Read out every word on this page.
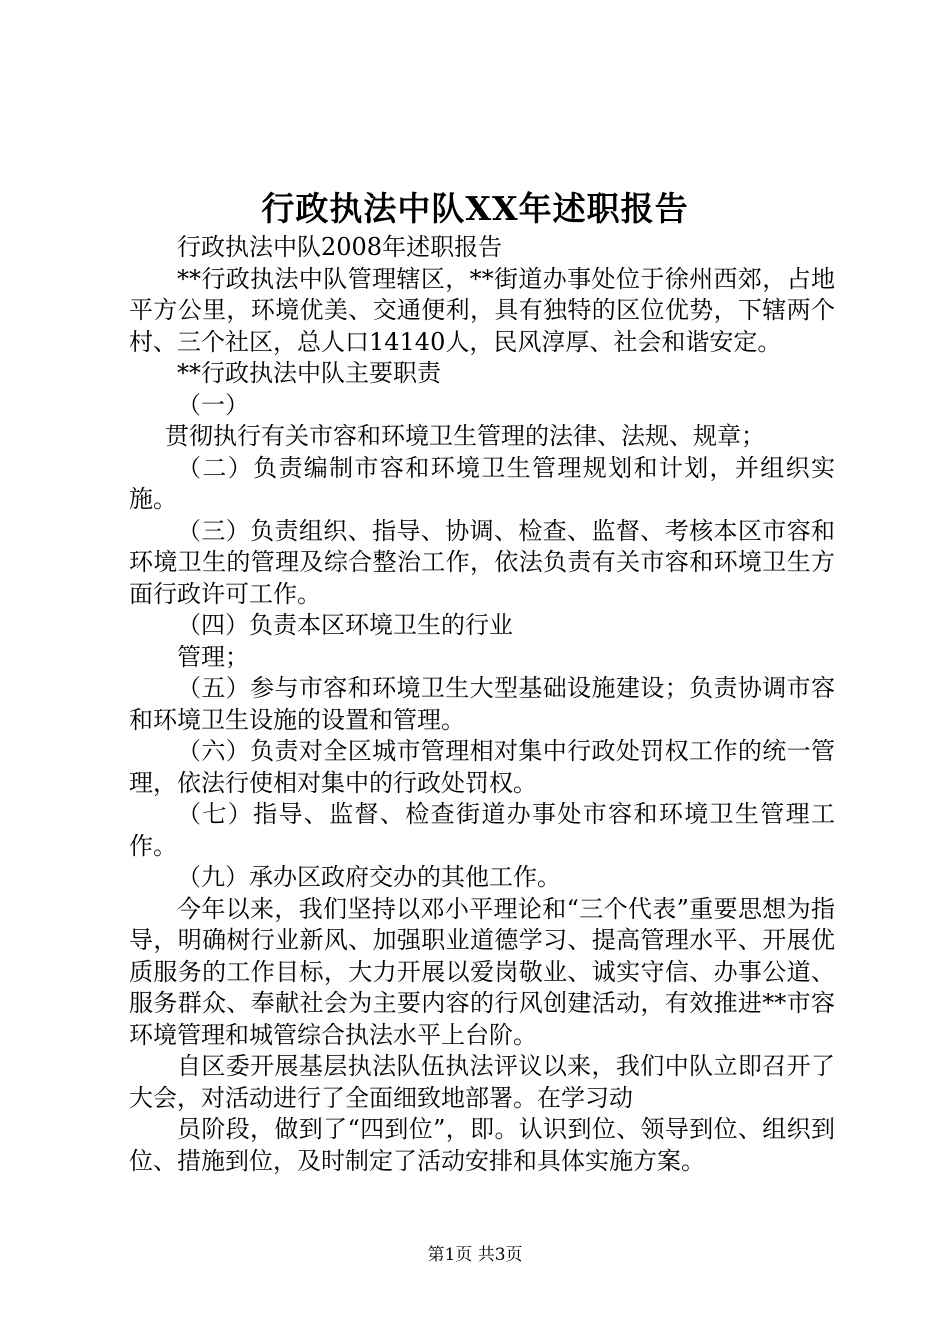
行政执法中队XX年述职报告

行政执法中队2008年述职报告

**行政执法中队管理辖区，**街道办事处位于徐州西郊，占地平方公里，环境优美、交通便利，具有独特的区位优势，下辖两个村、三个社区，总人口14140人，民风淳厚、社会和谐安定。

**行政执法中队主要职责

（一）

贯彻执行有关市容和环境卫生管理的法律、法规、规章；

（二）负责编制市容和环境卫生管理规划和计划，并组织实施。

（三）负责组织、指导、协调、检查、监督、考核本区市容和环境卫生的管理及综合整治工作，依法负责有关市容和环境卫生方面行政许可工作。

（四）负责本区环境卫生的行业

管理；

（五）参与市容和环境卫生大型基础设施建设；负责协调市容和环境卫生设施的设置和管理。

（六）负责对全区城市管理相对集中行政处罚权工作的统一管理，依法行使相对集中的行政处罚权。

（七）指导、监督、检查街道办事处市容和环境卫生管理工作。

（九）承办区政府交办的其他工作。

今年以来，我们坚持以邓小平理论和“三个代表”重要思想为指导，明确树行业新风、加强职业道德学习、提高管理水平、开展优质服务的工作目标，大力开展以爱岗敬业、诚实守信、办事公道、服务群众、奉献社会为主要内容的行风创建活动，有效推进**市容环境管理和城管综合执法水平上台阶。

自区委开展基层执法队伍执法评议以来，我们中队立即召开了大会，对活动进行了全面细致地部署。在学习动

员阶段，做到了“四到位”，即。认识到位、领导到位、组织到位、措施到位，及时制定了活动安排和具体实施方案。

第1页 共3页
